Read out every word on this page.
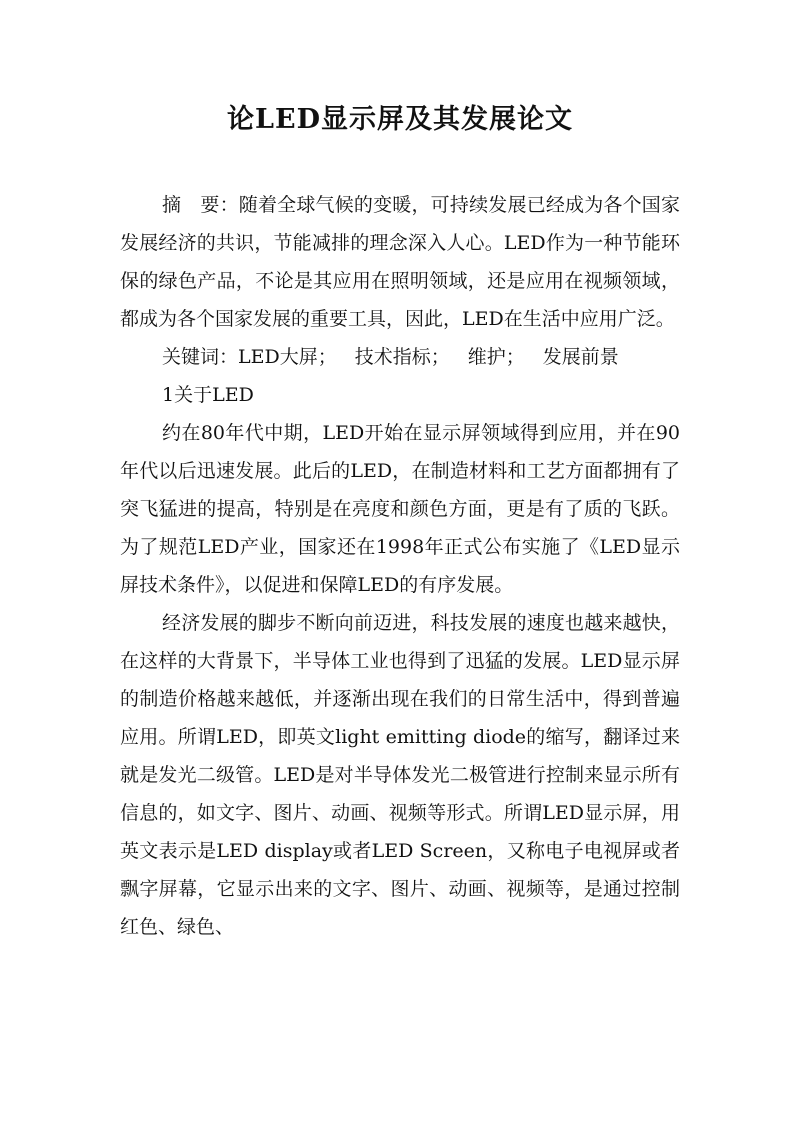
论LED显示屏及其发展论文

摘　要：随着全球气候的变暖，可持续发展已经成为各个国家发展经济的共识，节能减排的理念深入人心。LED作为一种节能环保的绿色产品，不论是其应用在照明领域，还是应用在视频领域，都成为各个国家发展的重要工具，因此，LED在生活中应用广泛。

关键词：LED大屏； 技术指标； 维护； 发展前景

1关于LED

约在80年代中期，LED开始在显示屏领域得到应用，并在90年代以后迅速发展。此后的LED，在制造材料和工艺方面都拥有了突飞猛进的提高，特别是在亮度和颜色方面，更是有了质的飞跃。为了规范LED产业，国家还在1998年正式公布实施了《LED显示屏技术条件》，以促进和保障LED的有序发展。

经济发展的脚步不断向前迈进，科技发展的速度也越来越快，在这样的大背景下，半导体工业也得到了迅猛的发展。LED显示屏的制造价格越来越低，并逐渐出现在我们的日常生活中，得到普遍应用。所谓LED，即英文light emitting diode的缩写，翻译过来就是发光二级管。LED是对半导体发光二极管进行控制来显示所有信息的，如文字、图片、动画、视频等形式。所谓LED显示屏，用英文表示是LED display或者LED Screen，又称电子电视屏或者飘字屏幕，它显示出来的文字、图片、动画、视频等，是通过控制红色、绿色、
